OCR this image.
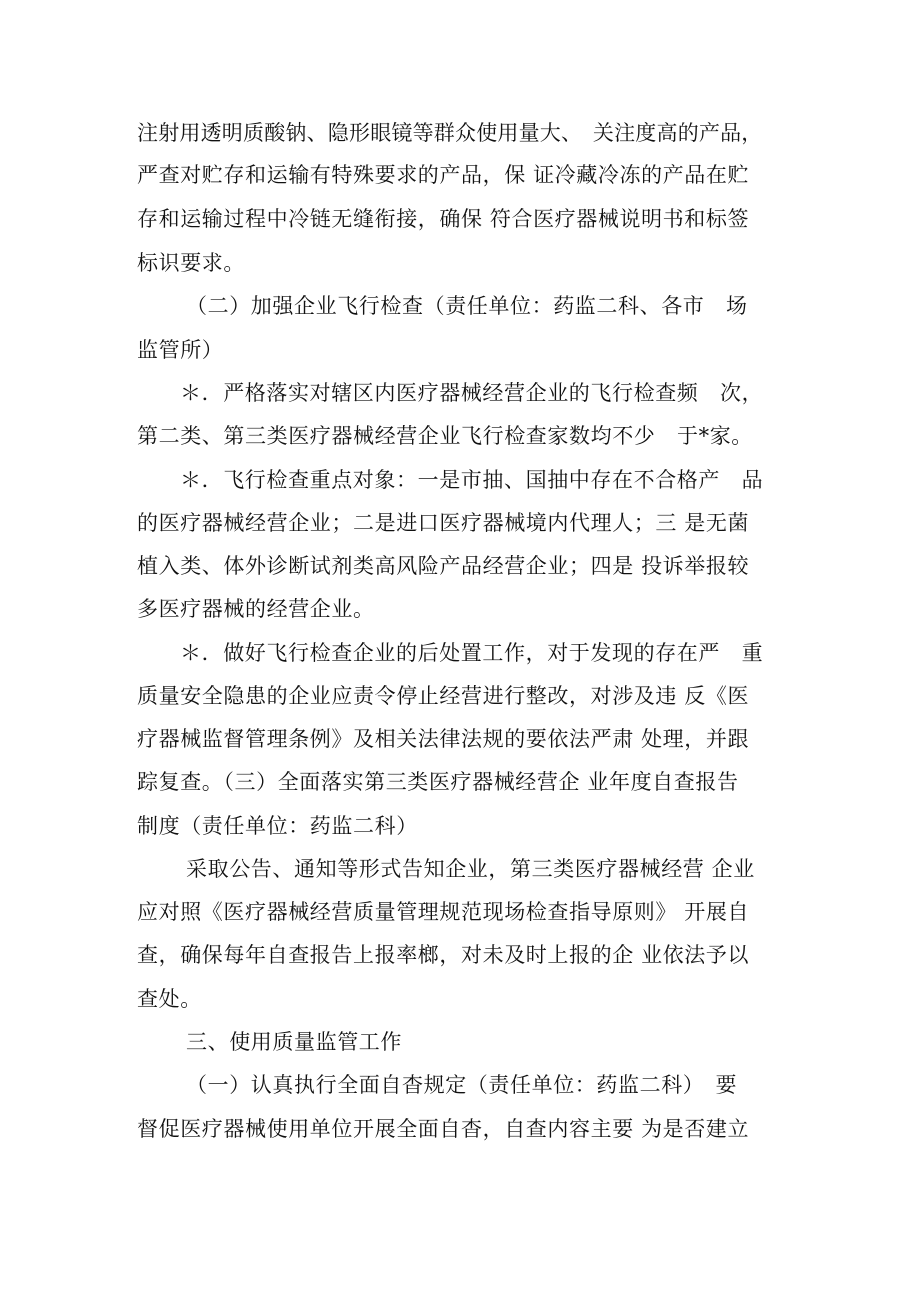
注射用透明质酸钠、隐形眼镜等群众使用量大、　关注度高的产品，
严查对贮存和运输有特殊要求的产品，保 证冷藏冷冻的产品在贮
存和运输过程中冷链无缝衔接，确保 符合医疗器械说明书和标签
标识要求。
（二）加强企业飞行检查（责任单位：药监二科、各市　场
监管所）
＊．严格落实对辖区内医疗器械经营企业的飞行检查频　次，
第二类、第三类医疗器械经营企业飞行检查家数均不少　于*家。
＊．飞行检查重点对象：一是市抽、国抽中存在不合格产　品
的医疗器械经营企业；二是进口医疗器械境内代理人；三 是无菌
植入类、体外诊断试剂类高风险产品经营企业；四是 投诉举报较
多医疗器械的经营企业。
＊．做好飞行检查企业的后处置工作，对于发现的存在严　重
质量安全隐患的企业应责令停止经营进行整改，对涉及违 反《医
疗器械监督管理条例》及相关法律法规的要依法严肃 处理，并跟
踪复查。（三）全面落实第三类医疗器械经营企 业年度自查报告
制度（责任单位：药监二科）
采取公告、通知等形式告知企业，第三类医疗器械经营 企业
应对照《医疗器械经营质量管理规范现场检查指导原则》 开展自
查，确保每年自查报告上报率榔，对未及时上报的企 业依法予以
查处。
三、使用质量监管工作
（一）认真执行全面自杳规定（责任单位：药监二科）　要
督促医疗器械使用单位开展全面自杳，自查内容主要 为是否建立
